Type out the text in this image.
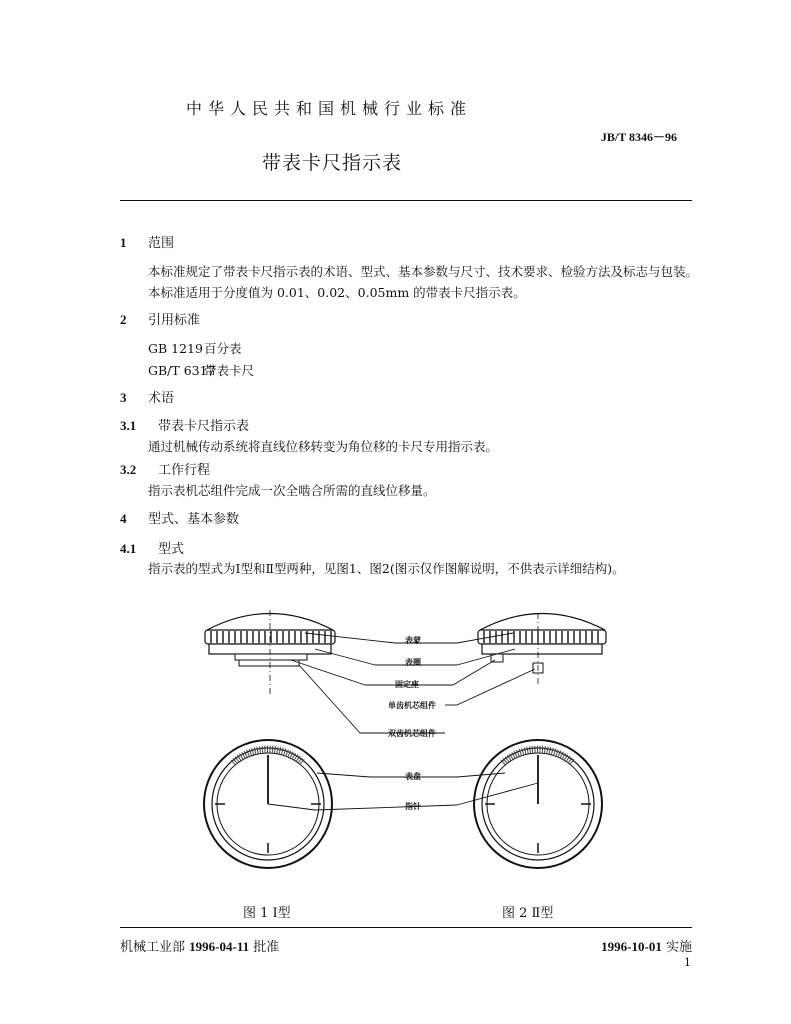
中华人民共和国机械行业标准
JB/T 8346－96
带表卡尺指示表
1 范围
本标准规定了带表卡尺指示表的术语、型式、基本参数与尺寸、技术要求、检验方法及标志与包装。
本标准适用于分度值为 0.01、0.02、0.05mm 的带表卡尺指示表。
2 引用标准
GB 1219百分表
GB/T 6317带表卡尺
3 术语
3.1 带表卡尺指示表
通过机械传动系统将直线位移转变为角位移的卡尺专用指示表。
3.2 工作行程
指示表机芯组件完成一次全啮合所需的直线位移量。
4 型式、基本参数
4.1 型式
指示表的型式为Ⅰ型和Ⅱ型两种，见图1、图2(图示仅作图解说明，不供表示详细结构)。
表蒙
表圈
固定座
单齿机芯组件
双齿机芯组件
表盘
指针
图 1 Ⅰ型	图 2 Ⅱ型
机械工业部 1996-04-11 批准	1996-10-01 实施
1
